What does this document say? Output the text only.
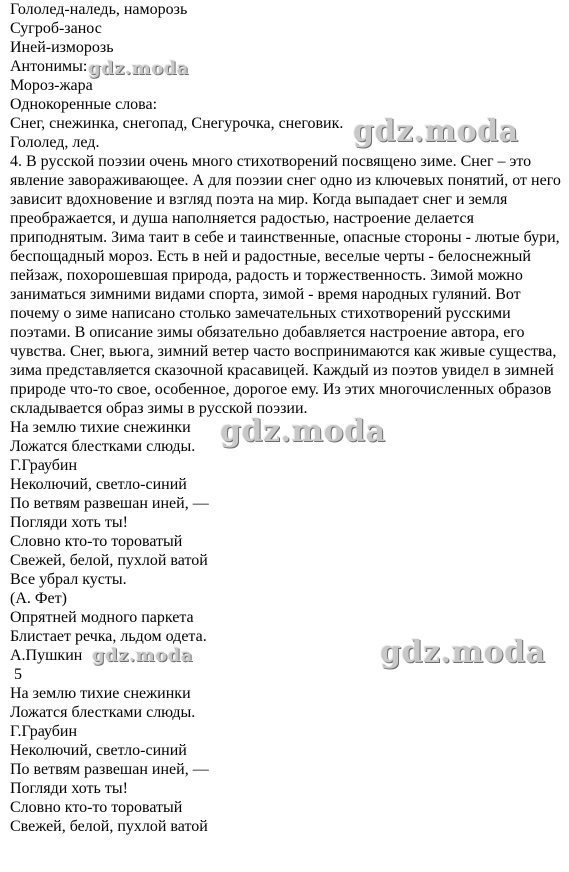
Гололед-наледь, наморозь
Сугроб-занос
Иней-изморозь
Антонимы:
Мороз-жара
Однокоренные слова:
Снег, снежинка, снегопад, Снегурочка, снеговик.
Гололед, лед.

4. В русской поэзии очень много стихотворений посвящено зиме. Снег – это явление завораживающее. А для поэзии снег одно из ключевых понятий, от него зависит вдохновение и взгляд поэта на мир. Когда выпадает снег и земля преображается, и душа наполняется радостью, настроение делается приподнятым. Зима таит в себе и таинственные, опасные стороны - лютые бури, беспощадный мороз. Есть в ней и радостные, веселые черты - белоснежный пейзаж, похорошевшая природа, радость и торжественность. Зимой можно заниматься зимними видами спорта, зимой - время народных гуляний. Вот почему о зиме написано столько замечательных стихотворений русскими поэтами. В описание зимы обязательно добавляется настроение автора, его чувства. Снег, вьюга, зимний ветер часто воспринимаются как живые существа, зима представляется сказочной красавицей. Каждый из поэтов увидел в зимней природе что-то свое, особенное, дорогое ему. Из этих многочисленных образов складывается образ зимы в русской поэзии.

На землю тихие снежинки
Ложатся блестками слюды.
Г.Граубин
Неколючий, светло-синий
По ветвям развешан иней, —
Погляди хоть ты!
Словно кто-то тороватый
Свежей, белой, пухлой ватой
Все убрал кусты.
(А. Фет)
Опрятней модного паркета
Блистает речка, льдом одета.
А.Пушкин
5
На землю тихие снежинки
Ложатся блестками слюды.
Г.Граубин
Неколючий, светло-синий
По ветвям развешан иней, —
Погляди хоть ты!
Словно кто-то тороватый
Свежей, белой, пухлой ватой
gdz.moda
gdz.moda
gdz.moda
gdz.moda	gdz.moda
